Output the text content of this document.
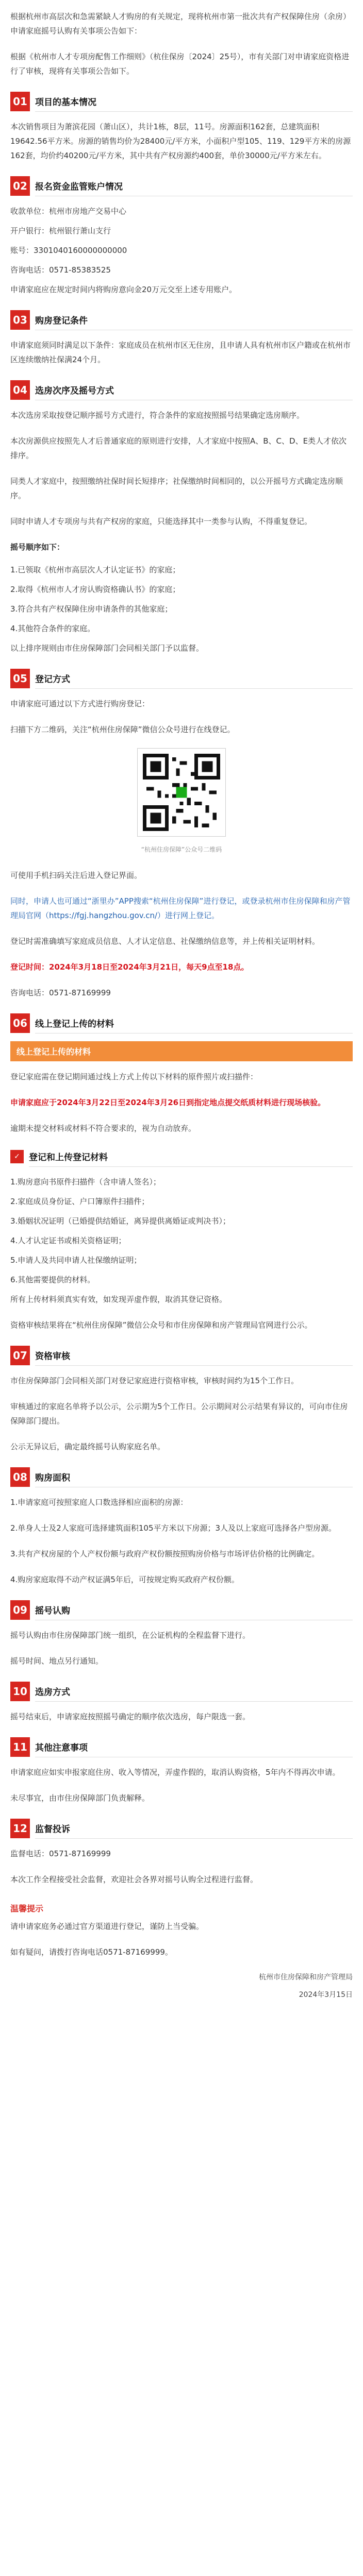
根据杭州市高层次和急需紧缺人才购房的有关规定，现将杭州市第一批次共有产权保障住房（余房）申请家庭摇号认购有关事项公告如下：

根据《杭州市人才专项房配售工作细则》（杭住保房〔2024〕25号），市有关部门对申请家庭资格进行了审核，现将有关事项公告如下。

01 项目的基本情况

本次销售项目为萧滨花园（萧山区），共计1栋，8层，11号。房源面积162套，总建筑面积19642.56平方米。房源的销售均价为28400元/平方米，小面积户型105、119、129平方米的房源162套，均价约40200元/平方米，其中共有产权房源约400套，单价30000元/平方米左右。

02 报名资金监管账户情况

收款单位：杭州市房地产交易中心

开户银行：杭州银行萧山支行

账号：3301040160000000000

咨询电话：0571-85383525

申请家庭应在规定时间内将购房意向金20万元交至上述专用账户。

03 购房登记条件

申请家庭须同时满足以下条件：家庭成员在杭州市区无住房，且申请人具有杭州市区户籍或在杭州市区连续缴纳社保满24个月。

04 选房次序及摇号方式

本次选房采取按登记顺序摇号方式进行，符合条件的家庭按照摇号结果确定选房顺序。

本次房源供应按照先人才后普通家庭的原则进行安排，人才家庭中按照A、B、C、D、E类人才依次排序。

同类人才家庭中，按照缴纳社保时间长短排序；社保缴纳时间相同的，以公开摇号方式确定选房顺序。

同时申请人才专项房与共有产权房的家庭，只能选择其中一类参与认购，不得重复登记。

摇号顺序如下：

1.已领取《杭州市高层次人才认定证书》的家庭；

2.取得《杭州市人才房认购资格确认书》的家庭；

3.符合共有产权保障住房申请条件的其他家庭；

4.其他符合条件的家庭。

以上排序规则由市住房保障部门会同相关部门予以监督。

05 登记方式

申请家庭可通过以下方式进行购房登记：

扫描下方二维码，关注“杭州住房保障”微信公众号进行在线登记。

“杭州住房保障”公众号二维码

可使用手机扫码关注后进入登记界面。

同时，申请人也可通过“浙里办”APP搜索“杭州住房保障”进行登记，或登录杭州市住房保障和房产管理局官网（https://fgj.hangzhou.gov.cn/）进行网上登记。

登记时需准确填写家庭成员信息、人才认定信息、社保缴纳信息等，并上传相关证明材料。

登记时间：2024年3月18日至2024年3月21日，每天9点至18点。

咨询电话：0571-87169999

06 线上登记上传的材料
线上登记上传的材料

登记家庭需在登记期间通过线上方式上传以下材料的原件照片或扫描件：

申请家庭应于2024年3月22日至2024年3月26日到指定地点提交纸质材料进行现场核验。

逾期未提交材料或材料不符合要求的，视为自动放弃。

✓	登记和上传登记材料

1.购房意向书原件扫描件（含申请人签名）；

2.家庭成员身份证、户口簿原件扫描件；

3.婚姻状况证明（已婚提供结婚证，离异提供离婚证或判决书）；

4.人才认定证书或相关资格证明；

5.申请人及共同申请人社保缴纳证明；

6.其他需要提供的材料。

所有上传材料须真实有效，如发现弄虚作假，取消其登记资格。

资格审核结果将在“杭州住房保障”微信公众号和市住房保障和房产管理局官网进行公示。

07 资格审核

市住房保障部门会同相关部门对登记家庭进行资格审核，审核时间约为15个工作日。

审核通过的家庭名单将予以公示，公示期为5个工作日。公示期间对公示结果有异议的，可向市住房保障部门提出。

公示无异议后，确定最终摇号认购家庭名单。

08 购房面积

1.申请家庭可按照家庭人口数选择相应面积的房源：

2.单身人士及2人家庭可选择建筑面积105平方米以下房源；3人及以上家庭可选择各户型房源。

3.共有产权房屋的个人产权份额与政府产权份额按照购房价格与市场评估价格的比例确定。

4.购房家庭取得不动产权证满5年后，可按规定购买政府产权份额。

09 摇号认购

摇号认购由市住房保障部门统一组织，在公证机构的全程监督下进行。

摇号时间、地点另行通知。

10 选房方式

摇号结束后，申请家庭按照摇号确定的顺序依次选房，每户限选一套。

11 其他注意事项

申请家庭应如实申报家庭住房、收入等情况，弄虚作假的，取消认购资格，5年内不得再次申请。

未尽事宜，由市住房保障部门负责解释。

12 监督投诉

监督电话：0571-87169999

本次工作全程接受社会监督，欢迎社会各界对摇号认购全过程进行监督。

温馨提示

请申请家庭务必通过官方渠道进行登记，谨防上当受骗。

如有疑问，请拨打咨询电话0571-87169999。

杭州市住房保障和房产管理局

2024年3月15日
